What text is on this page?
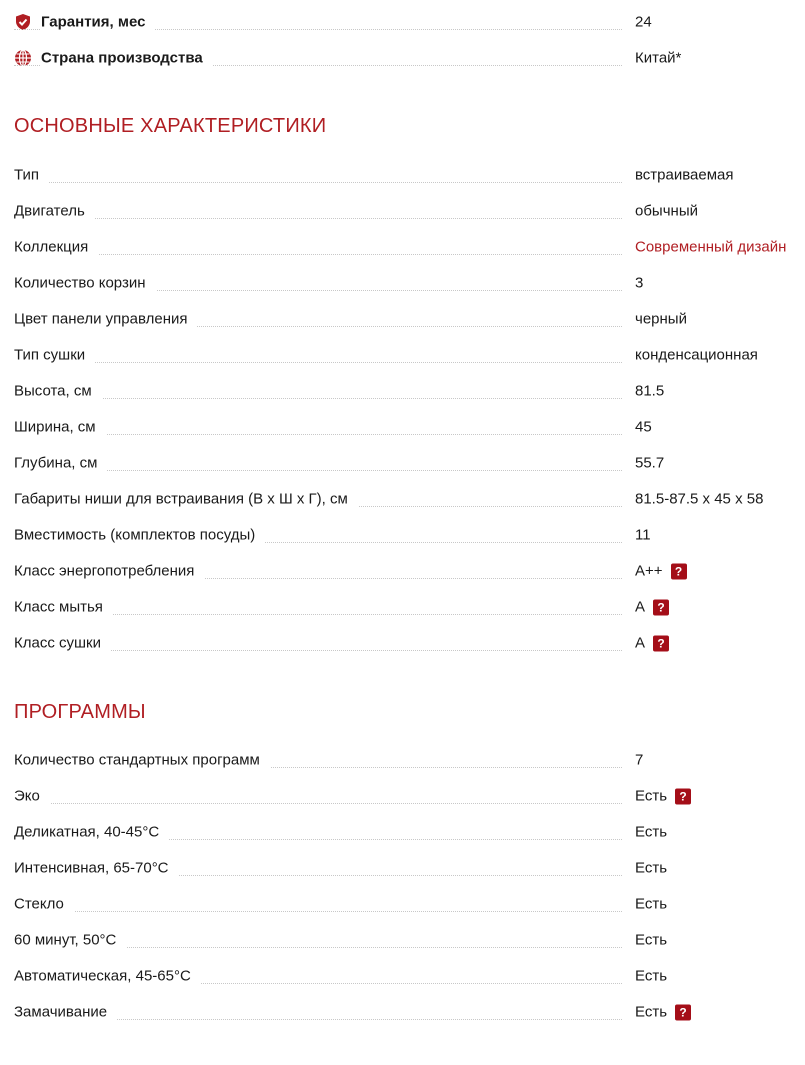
Гарантия, мес	24
Страна производства	Китай*
ОСНОВНЫЕ ХАРАКТЕРИСТИКИ
Тип	встраиваемая
Двигатель	обычный
Коллекция	Современный дизайн
Количество корзин	3
Цвет панели управления	черный
Тип сушки	конденсационная
Высота, см	81.5
Ширина, см	45
Глубина, см	55.7
Габариты ниши для встраивания (В х Ш х Г), см	81.5-87.5 х 45 х 58
Вместимость (комплектов посуды)	11
Класс энергопотребления	A++	?
Класс мытья	A	?
Класс сушки	A	?
ПРОГРАММЫ
Количество стандартных программ	7
Эко	Есть	?
Деликатная, 40-45°C	Есть
Интенсивная, 65-70°C	Есть
Стекло	Есть
60 минут, 50°C	Есть
Автоматическая, 45-65°C	Есть
Замачивание	Есть	?
